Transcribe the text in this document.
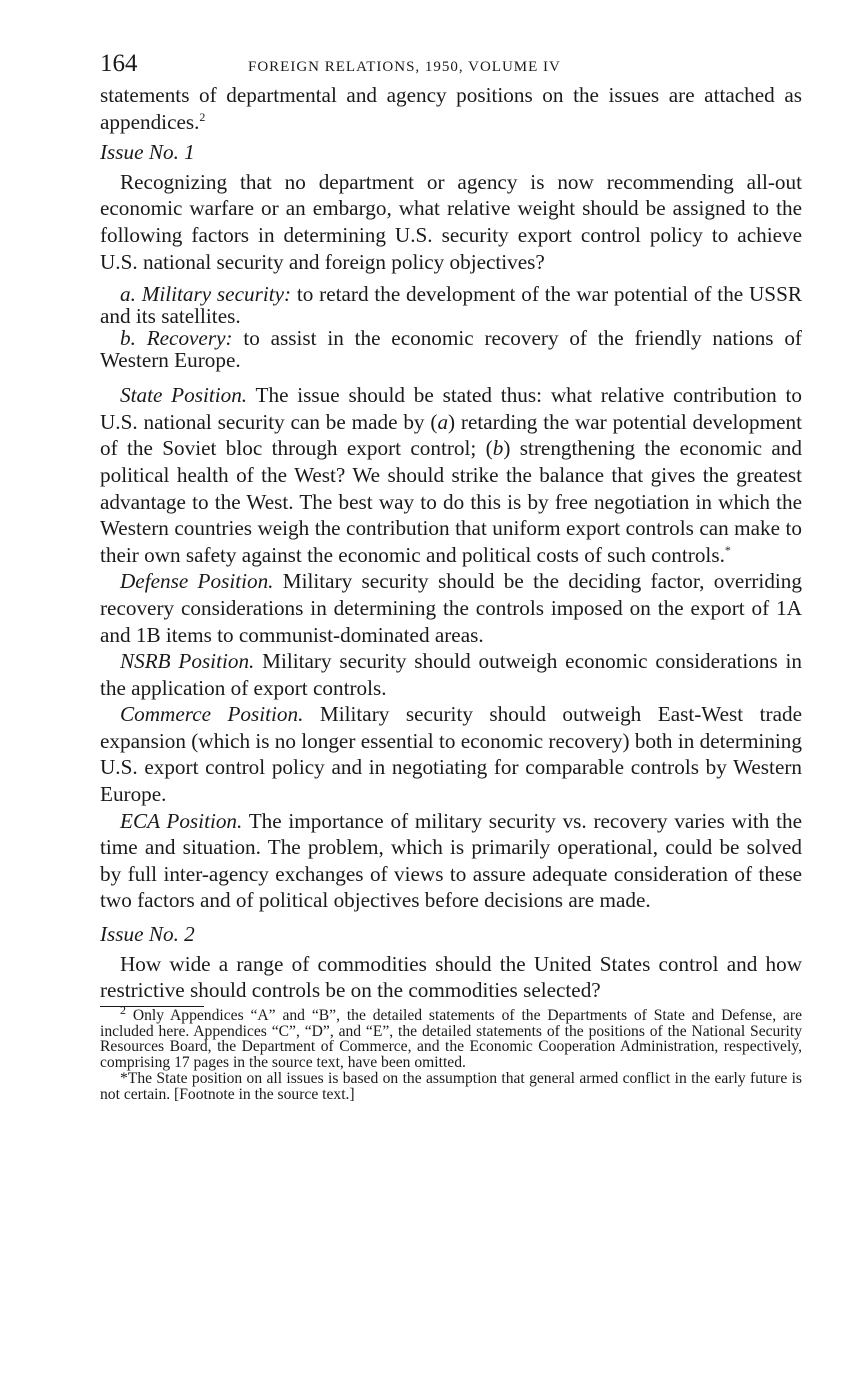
164	FOREIGN RELATIONS, 1950, VOLUME IV

statements of departmental and agency positions on the issues are attached as appendices.$^2$

Issue No. 1

Recognizing that no department or agency is now recommending all-out economic warfare or an embargo, what relative weight should be assigned to the following factors in determining U.S. security export control policy to achieve U.S. national security and foreign policy objectives?

a. Military security: to retard the development of the war potential of the USSR and its satellites.

b. Recovery: to assist in the economic recovery of the friendly nations of Western Europe.

State Position. The issue should be stated thus: what relative contribution to U.S. national security can be made by (a) retarding the war potential development of the Soviet bloc through export control; (b) strengthening the economic and political health of the West? We should strike the balance that gives the greatest advantage to the West. The best way to do this is by free negotiation in which the Western countries weigh the contribution that uniform export controls can make to their own safety against the economic and political costs of such controls.*

Defense Position. Military security should be the deciding factor, overriding recovery considerations in determining the controls imposed on the export of 1A and 1B items to communist-dominated areas.

NSRB Position. Military security should outweigh economic considerations in the application of export controls.

Commerce Position. Military security should outweigh East-West trade expansion (which is no longer essential to economic recovery) both in determining U.S. export control policy and in negotiating for comparable controls by Western Europe.

ECA Position. The importance of military security vs. recovery varies with the time and situation. The problem, which is primarily operational, could be solved by full inter-agency exchanges of views to assure adequate consideration of these two factors and of political objectives before decisions are made.

Issue No. 2

How wide a range of commodities should the United States control and how restrictive should controls be on the commodities selected?

$^2$ Only Appendices “A” and “B”, the detailed statements of the Departments of State and Defense, are included here. Appendices “C”, “D”, and “E”, the detailed statements of the positions of the National Security Resources Board, the Department of Commerce, and the Economic Cooperation Administration, respectively, comprising 17 pages in the source text, have been omitted.

*The State position on all issues is based on the assumption that general armed conflict in the early future is not certain. [Footnote in the source text.]
